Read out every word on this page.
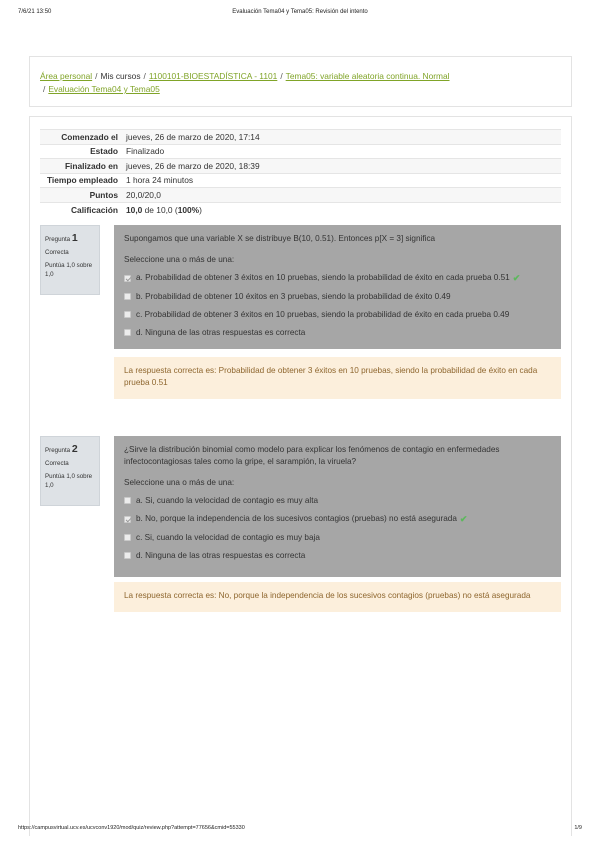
7/6/21 13:50	Evaluación Tema04 y Tema05: Revisión del intento
Área personal / Mis cursos / 1100101-BIOESTADÍSTICA - 1101 / Tema05: variable aleatoria continua. Normal
/ Evaluación Tema04 y Tema05
Comenzado el	jueves, 26 de marzo de 2020, 17:14
Estado	Finalizado
Finalizado en	jueves, 26 de marzo de 2020, 18:39
Tiempo empleado	1 hora 24 minutos
Puntos	20,0/20,0
Calificación	10,0 de 10,0 (100%)
Pregunta 1
Correcta
Puntúa 1,0 sobre 1,0
Supongamos que una variable X se distribuye B(10, 0.51). Entonces p[X = 3] significa
Seleccione una o más de una:
a. Probabilidad de obtener 3 éxitos en 10 pruebas, siendo la probabilidad de éxito en cada prueba 0.51 ✔
b. Probabilidad de obtener 10 éxitos en 3 pruebas, siendo la probabilidad de éxito 0.49
c. Probabilidad de obtener 3 éxitos en 10 pruebas, siendo la probabilidad de éxito en cada prueba 0.49
d. Ninguna de las otras respuestas es correcta
La respuesta correcta es: Probabilidad de obtener 3 éxitos en 10 pruebas, siendo la probabilidad de éxito en cada prueba 0.51
Pregunta 2
Correcta
Puntúa 1,0 sobre 1,0
¿Sirve la distribución binomial como modelo para explicar los fenómenos de contagio en enfermedades infectocontagiosas tales como la gripe, el sarampión, la viruela?
Seleccione una o más de una:
a. Si, cuando la velocidad de contagio es muy alta
b. No, porque la independencia de los sucesivos contagios (pruebas) no está asegurada ✔
c. Si, cuando la velocidad de contagio es muy baja
d. Ninguna de las otras respuestas es correcta
La respuesta correcta es: No, porque la independencia de los sucesivos contagios (pruebas) no está asegurada
https://campusvirtual.ucv.es/ucvconv1920/mod/quiz/review.php?attempt=77656&cmid=55330	1/9
